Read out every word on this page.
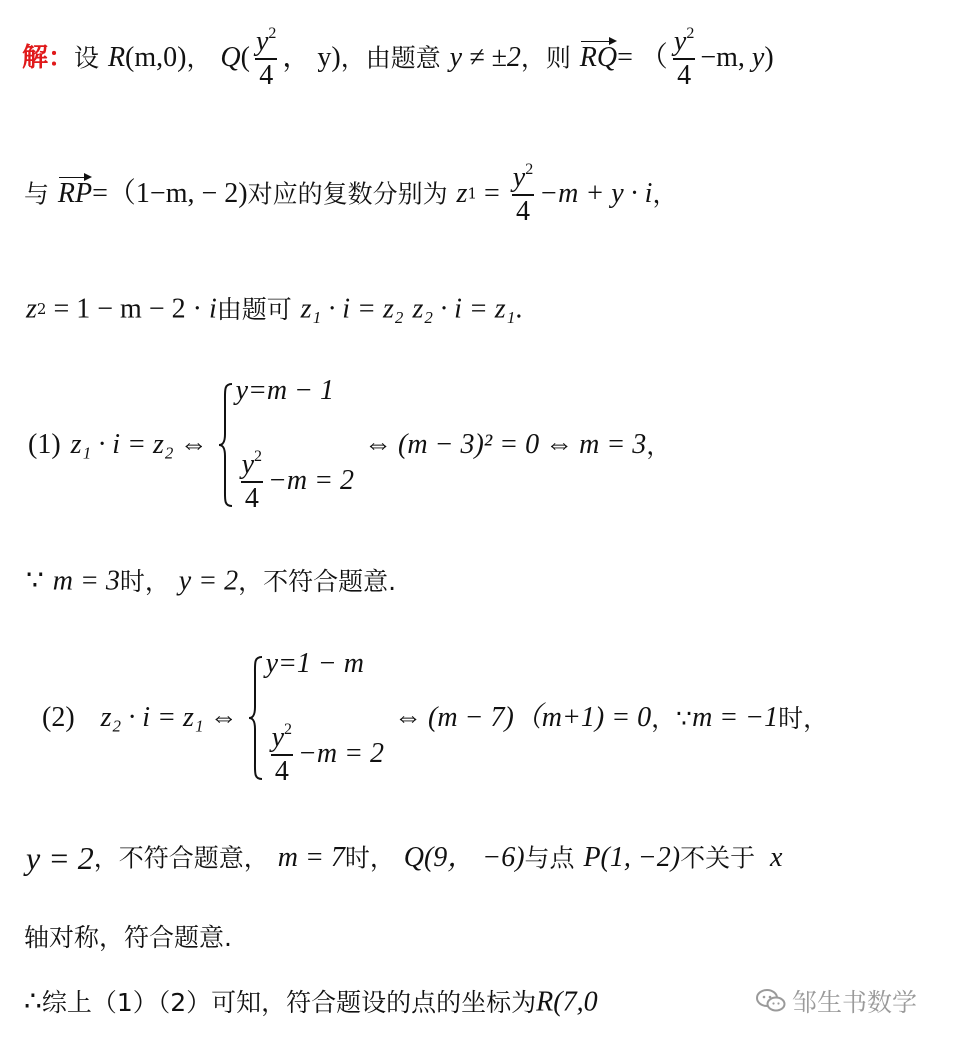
解：设 R(m,0)， $Q( \frac{y^2}{4}$ ， y)，由题意 y ≠ ±2，则 RQ= （ $\frac{y^2}{4} -m$, y)
与 RP=（1−m, − 2)对应的复数分别为 $z1 = \frac{y^2}{4} -m + y \cdot i$，
z2 = 1 − m − 2 · i由题可 z₁ · i = z₂ z₂ · i = z₁.
(1) z₁ · i = z₂ ⇔
y=m − 1
$\frac{y^2}{4} -m = 2$
⇔ (m − 3)² = 0 ⇔ m = 3 ，
∵ m = 3时， y = 2，不符合题意.
(2) z₂ · i = z₁ ⇔
y=1 − m
$\frac{y^2}{4} -m = 2$
⇔ (m − 7)（m+1) = 0 ，∵ m = −1 时，
y = 2，不符合题意， m = 7时， Q(9， −6)与点 P(1, −2)不关于 x
轴对称，符合题意.
∴综上（1）（2）可知，符合题设的点的坐标为R(7,0	邹生书数学
